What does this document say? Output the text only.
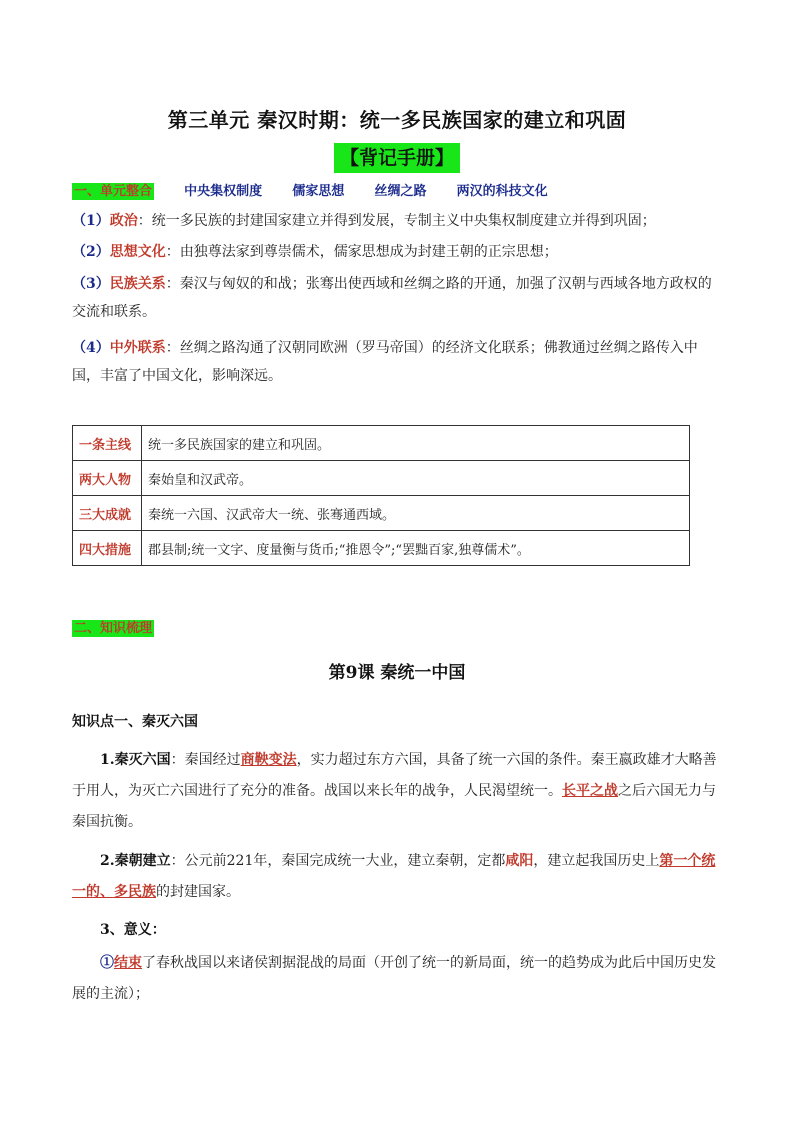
第三单元 秦汉时期：统一多民族国家的建立和巩固
【背记手册】
一、单元整合 中央集权制度 儒家思想 丝绸之路 两汉的科技文化
（1）政治：统一多民族的封建国家建立并得到发展，专制主义中央集权制度建立并得到巩固；
（2）思想文化：由独尊法家到尊崇儒术，儒家思想成为封建王朝的正宗思想；
（3）民族关系：秦汉与匈奴的和战；张骞出使西域和丝绸之路的开通，加强了汉朝与西域各地方政权的交流和联系。
（4）中外联系：丝绸之路沟通了汉朝同欧洲（罗马帝国）的经济文化联系；佛教通过丝绸之路传入中国，丰富了中国文化，影响深远。
一条主线	统一多民族国家的建立和巩固。
两大人物	秦始皇和汉武帝。
三大成就	秦统一六国、汉武帝大一统、张骞通西域。
四大措施	郡县制;统一文字、度量衡与货币;“推恩令”;“罢黜百家,独尊儒术”。
二、知识梳理
第9课 秦统一中国
知识点一、秦灭六国
1.秦灭六国：秦国经过商鞅变法，实力超过东方六国，具备了统一六国的条件。秦王嬴政雄才大略善于用人，为灭亡六国进行了充分的准备。战国以来长年的战争，人民渴望统一。长平之战之后六国无力与秦国抗衡。
2.秦朝建立：公元前221年，秦国完成统一大业，建立秦朝，定都咸阳，建立起我国历史上第一个统一的、多民族的封建国家。
3、意义：
①结束了春秋战国以来诸侯割据混战的局面（开创了统一的新局面，统一的趋势成为此后中国历史发展的主流）；
